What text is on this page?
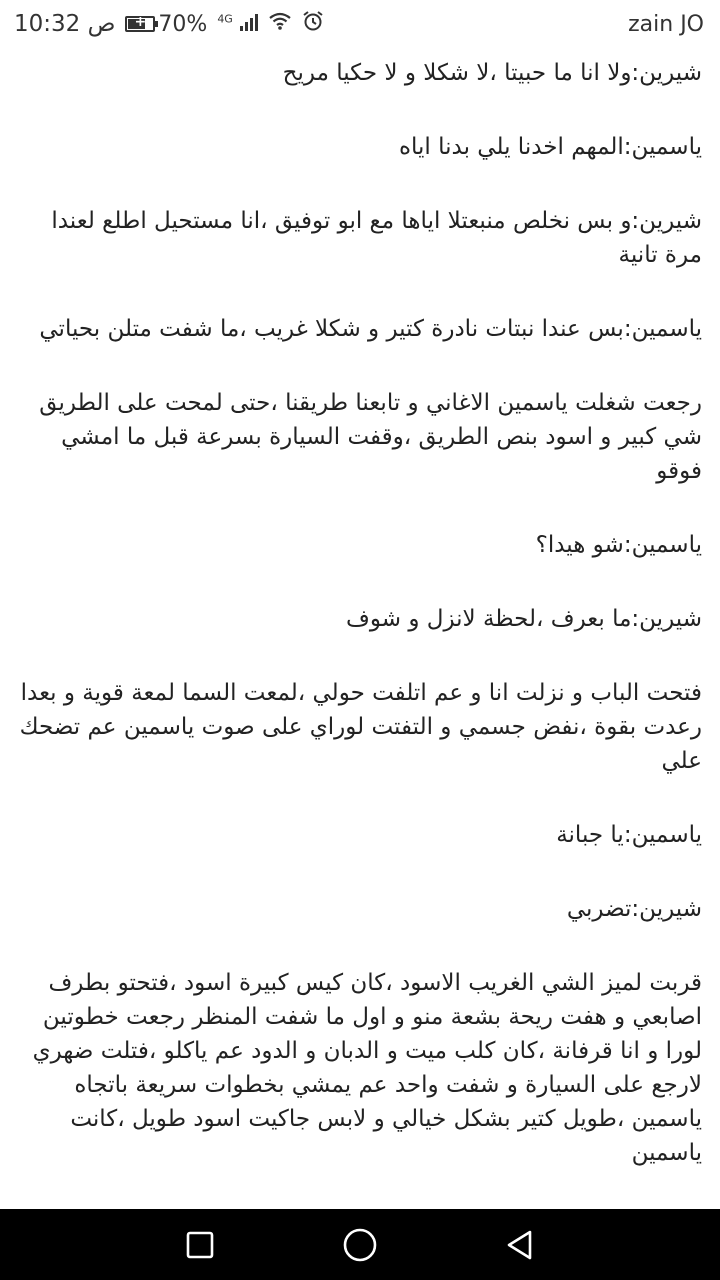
10:32 ص	+ 70% $^{4G}$	zain JO

شيرين:ولا انا ما حبيتا ،لا شكلا و لا حكيا مريح

ياسمين:المهم اخدنا يلي بدنا اياه

شيرين:و بس نخلص منبعتلا اياها مع ابو توفيق ،انا مستحيل اطلع لعندا مرة تانية

ياسمين:بس عندا نبتات نادرة كتير و شكلا غريب ،ما شفت متلن بحياتي

رجعت شغلت ياسمين الاغاني و تابعنا طريقنا ،حتى لمحت على الطريق شي كبير و اسود بنص الطريق ،وقفت السيارة بسرعة قبل ما امشي فوقو

ياسمين:شو هيدا؟

شيرين:ما بعرف ،لحظة لانزل و شوف

فتحت الباب و نزلت انا و عم اتلفت حولي ،لمعت السما لمعة قوية و بعدا رعدت بقوة ،نفض جسمي و التفتت لوراي على صوت ياسمين عم تضحك علي

ياسمين:يا جبانة

شيرين:تضربي

قربت لميز الشي الغريب الاسود ،كان كيس كبيرة اسود ،فتحتو بطرف اصابعي و هفت ريحة بشعة منو و اول ما شفت المنظر رجعت خطوتين لورا و انا قرفانة ،كان كلب ميت و الدبان و الدود عم ياكلو ،فتلت ضهري لارجع على السيارة و شفت واحد عم يمشي بخطوات سريعة باتجاه ياسمين ،طويل كتير بشكل خيالي و لابس جاكيت اسود طويل ،كانت ياسمين
